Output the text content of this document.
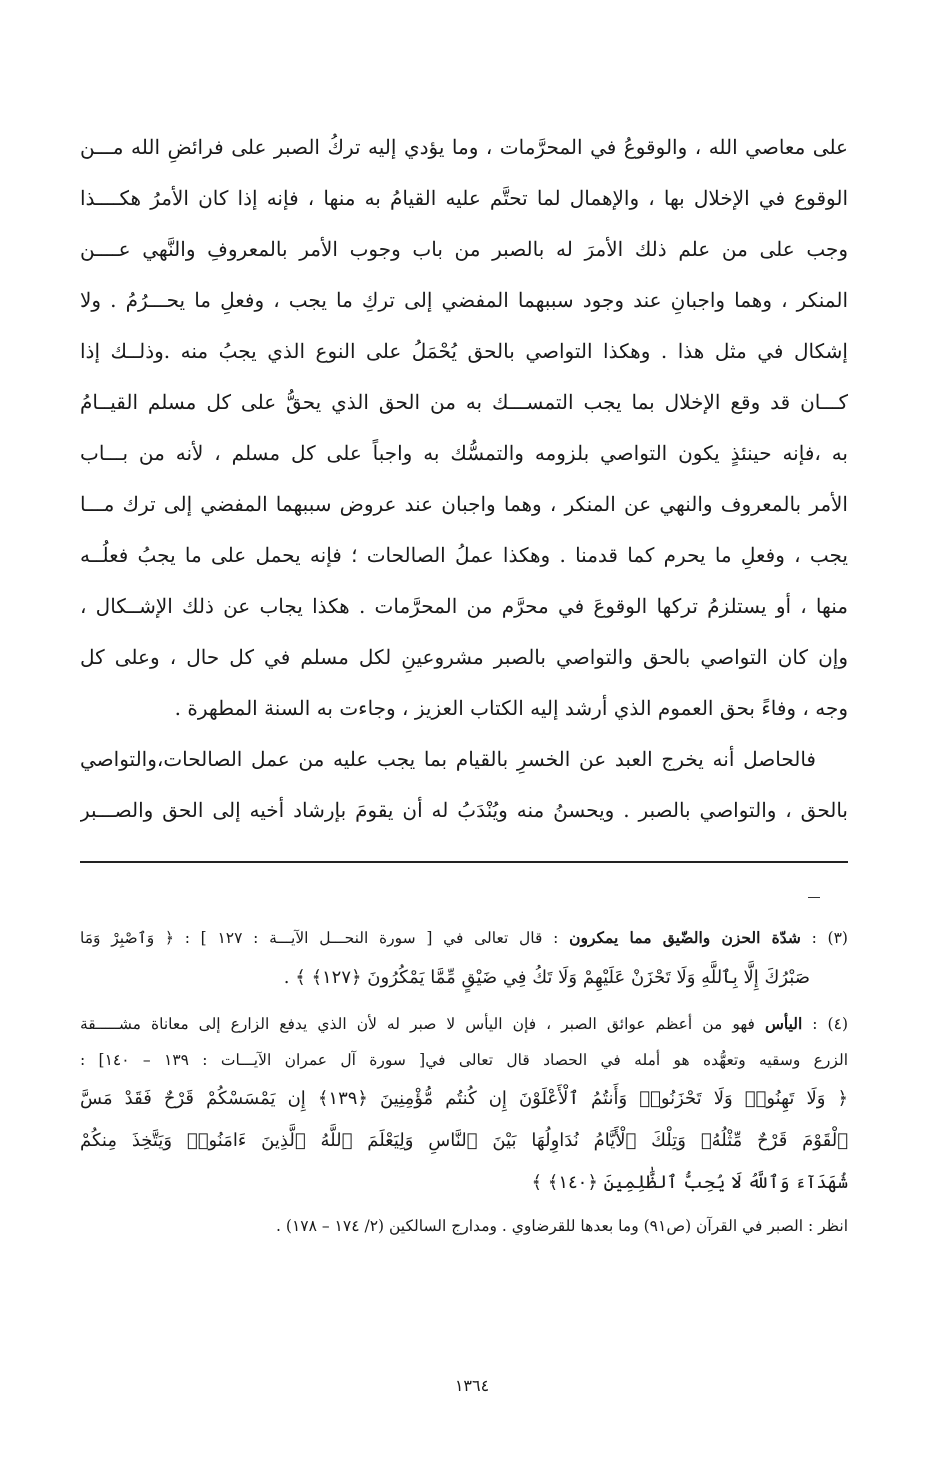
على معاصي الله ، والوقوعُ في المحرَّمات ، وما يؤدي إليه تركُ الصبر على فرائضِ الله مـــن
الوقوع في الإخلال بها ، والإهمال لما تحتَّم عليه القيامُ به منها ، فإنه إذا كان الأمرُ هكــــذا
وجب على من علم ذلك الأمرَ له بالصبر من باب وجوب الأمر بالمعروفِ والنَّهي عــــن
المنكر ، وهما واجبانِ عند وجود سببهما المفضي إلى تركِ ما يجب ، وفعلِ ما يحـــرُمُ . ولا
إشكال في مثل هذا . وهكذا التواصي بالحق يُحْمَلُ على النوع الذي يجبُ منه .وذلــك إذا
كـــان قد وقع الإخلال بما يجب التمســـك به من الحق الذي يحقُّ على كل مسلم القيــامُ
به ،فإنه حينئذٍ يكون التواصي بلزومه والتمسُّك به واجباً على كل مسلم ، لأنه من بـــاب
الأمر بالمعروف والنهي عن المنكر ، وهما واجبان عند عروض سببهما المفضي إلى ترك مـــا
يجب ، وفعلِ ما يحرم كما قدمنا . وهكذا عملُ الصالحات ؛ فإنه يحمل على ما يجبُ فعلُــه
منها ، أو يستلزمُ تركها الوقوعَ في محرَّم من المحرَّمات . هكذا يجاب عن ذلك الإشــكال ،
وإن كان التواصي بالحق والتواصي بالصبر مشروعينِ لكل مسلم في كل حال ، وعلى كل
وجه ، وفاءً بحق العموم الذي أرشد إليه الكتاب العزيز ، وجاءت به السنة المطهرة .
فالحاصل أنه يخرج العبد عن الخسرِ بالقيام بما يجب عليه من عمل الصالحات،والتواصي
بالحق ، والتواصي بالصبر . ويحسنُ منه ويُنْدَبُ له أن يقومَ بإرشاد أخيه إلى الحق والصـــبر
(٣) : شدّة الحزن والضّيق مما يمكرون : قال تعالى في [ سورة النحـــل الآيـــة : ١٢٧ ] : ﴿ وَٱصْبِرْ وَمَا
صَبْرُكَ إِلَّا بِٱللَّهِ وَلَا تَحْزَنْ عَلَيْهِمْ وَلَا تَكُ فِي ضَيْقٍ مِّمَّا يَمْكُرُونَ ﴿١٢٧﴾ ﴾ .
(٤) : اليأس فهو من أعظم عوائق الصبر ، فإن اليأس لا صبر له لأن الذي يدفع الزارع إلى معاناة مشـــــقة
الزرع وسقيه وتعهُّده هو أمله في الحصاد قال تعالى في[ سورة آل عمران الآيـــات : ١٣٩ – ١٤٠] :
﴿ وَلَا تَهِنُوا۟ وَلَا تَحْزَنُوا۟ وَأَنتُمُ ٱلْأَعْلَوْنَ إِن كُنتُم مُّؤْمِنِينَ ﴿١٣٩﴾ إِن يَمْسَسْكُمْ قَرْحٌ فَقَدْ مَسَّ
ٱلْقَوْمَ قَرْحٌ مِّثْلُهُۥ وَتِلْكَ ٱلْأَيَّامُ نُدَاوِلُهَا بَيْنَ ٱلنَّاسِ وَلِيَعْلَمَ ٱللَّهُ ٱلَّذِينَ ءَامَنُوا۟ وَيَتَّخِذَ مِنكُمْ
شُهَدَآءَ وَٱللَّهُ لَا يُحِبُّ ٱلظَّٰلِمِينَ ﴿١٤٠﴾ ﴾
انظر : الصبر في القرآن (ص٩١) وما بعدها للقرضاوي . ومدارج السالكين (٢/ ١٧٤ – ١٧٨) .
١٣٦٤
